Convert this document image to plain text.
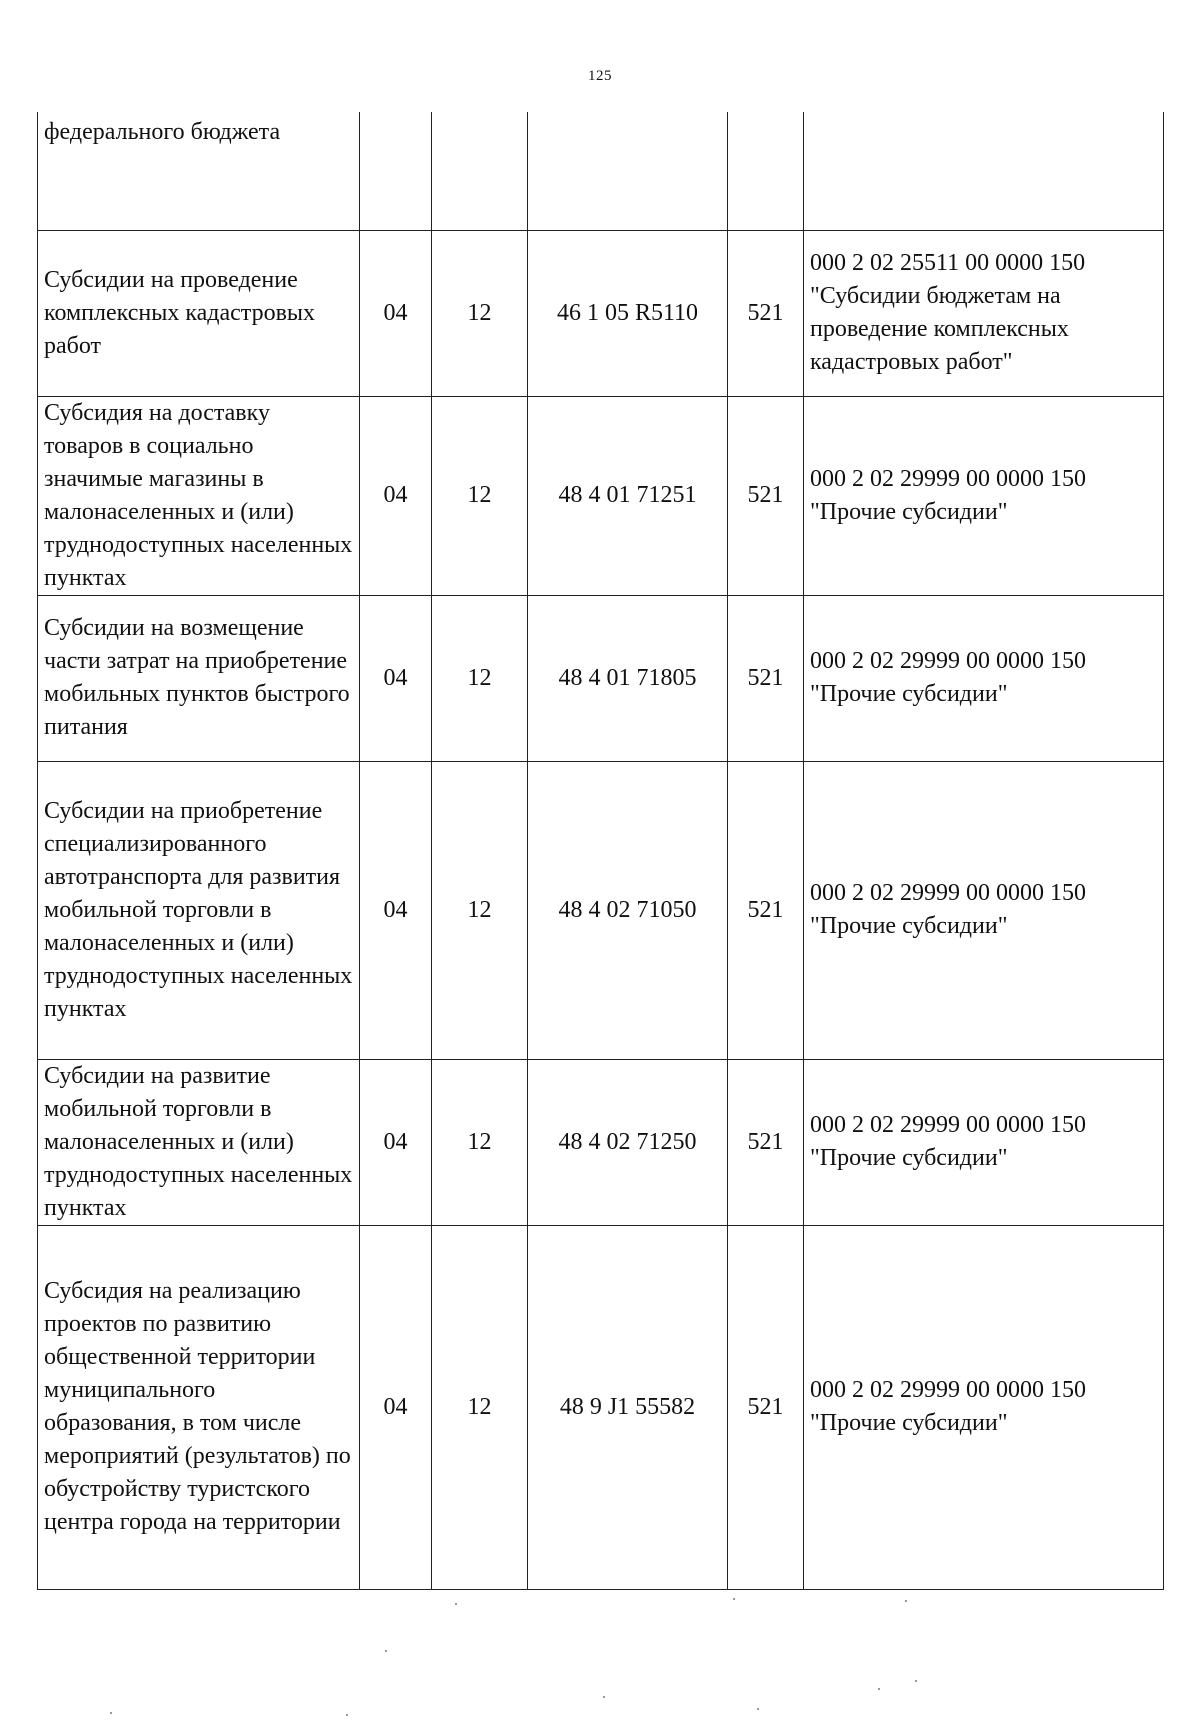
125
федерального бюджета					
Субсидии на проведение комплексных кадастровых работ	04	12	46 1 05 R5110	521	000 2 02 25511 00 0000 150 "Субсидии бюджетам на проведение комплексных кадастровых работ"
Субсидия на доставку товаров в социально значимые магазины в малонаселенных и (или) труднодоступных населенных пунктах	04	12	48 4 01 71251	521	000 2 02 29999 00 0000 150 "Прочие субсидии"
Субсидии на возмещение части затрат на приобретение мобильных пунктов быстрого питания	04	12	48 4 01 71805	521	000 2 02 29999 00 0000 150 "Прочие субсидии"
Субсидии на приобретение специализированного автотранспорта для развития мобильной торговли в малонаселенных и (или) труднодоступных населенных пунктах	04	12	48 4 02 71050	521	000 2 02 29999 00 0000 150 "Прочие субсидии"
Субсидии на развитие мобильной торговли в малонаселенных и (или) труднодоступных населенных пунктах	04	12	48 4 02 71250	521	000 2 02 29999 00 0000 150 "Прочие субсидии"
Субсидия на реализацию проектов по развитию общественной территории муниципального образования, в том числе мероприятий (результатов) по обустройству туристского центра города на территории	04	12	48 9 J1 55582	521	000 2 02 29999 00 0000 150 "Прочие субсидии"
